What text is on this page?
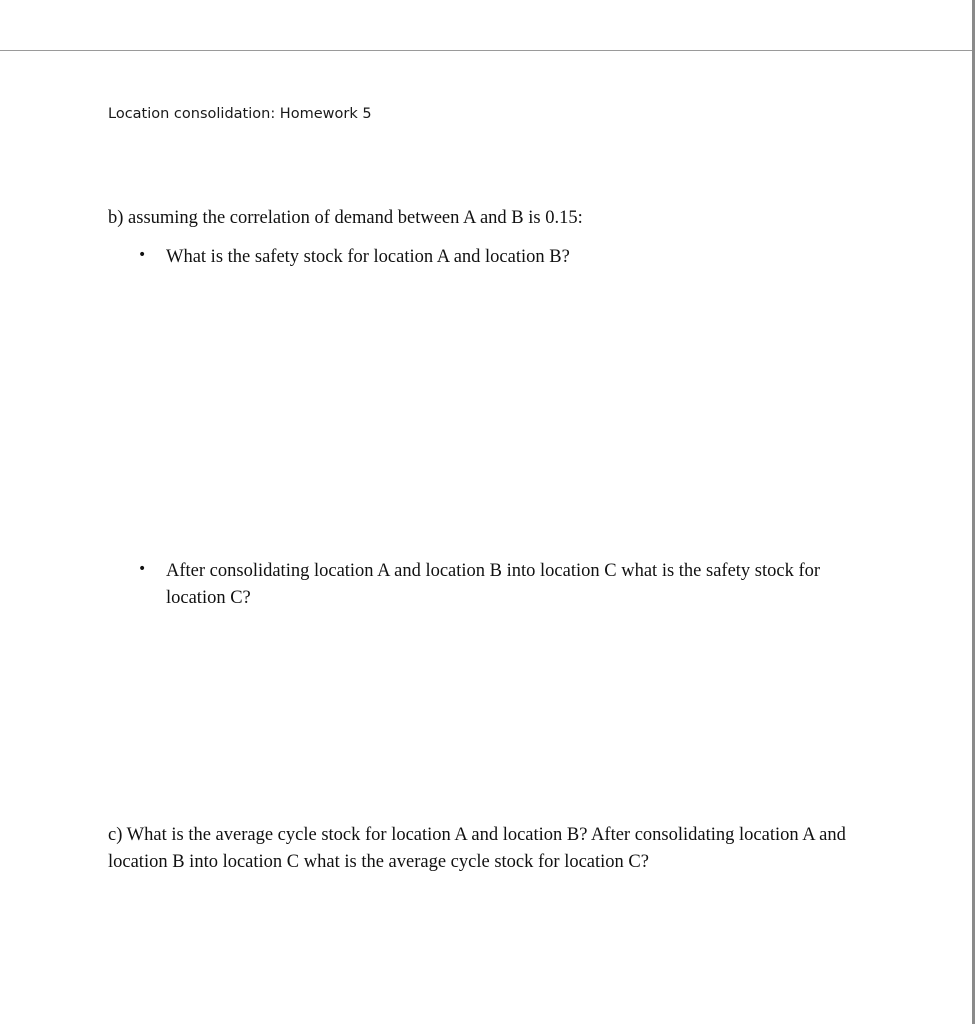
Location consolidation: Homework 5
b) assuming the correlation of demand between A and B is 0.15:
• What is the safety stock for location A and location B?
• After consolidating location A and location B into location C what is the safety stock for location C?
c) What is the average cycle stock for location A and location B? After consolidating location A and location B into location C what is the average cycle stock for location C?
